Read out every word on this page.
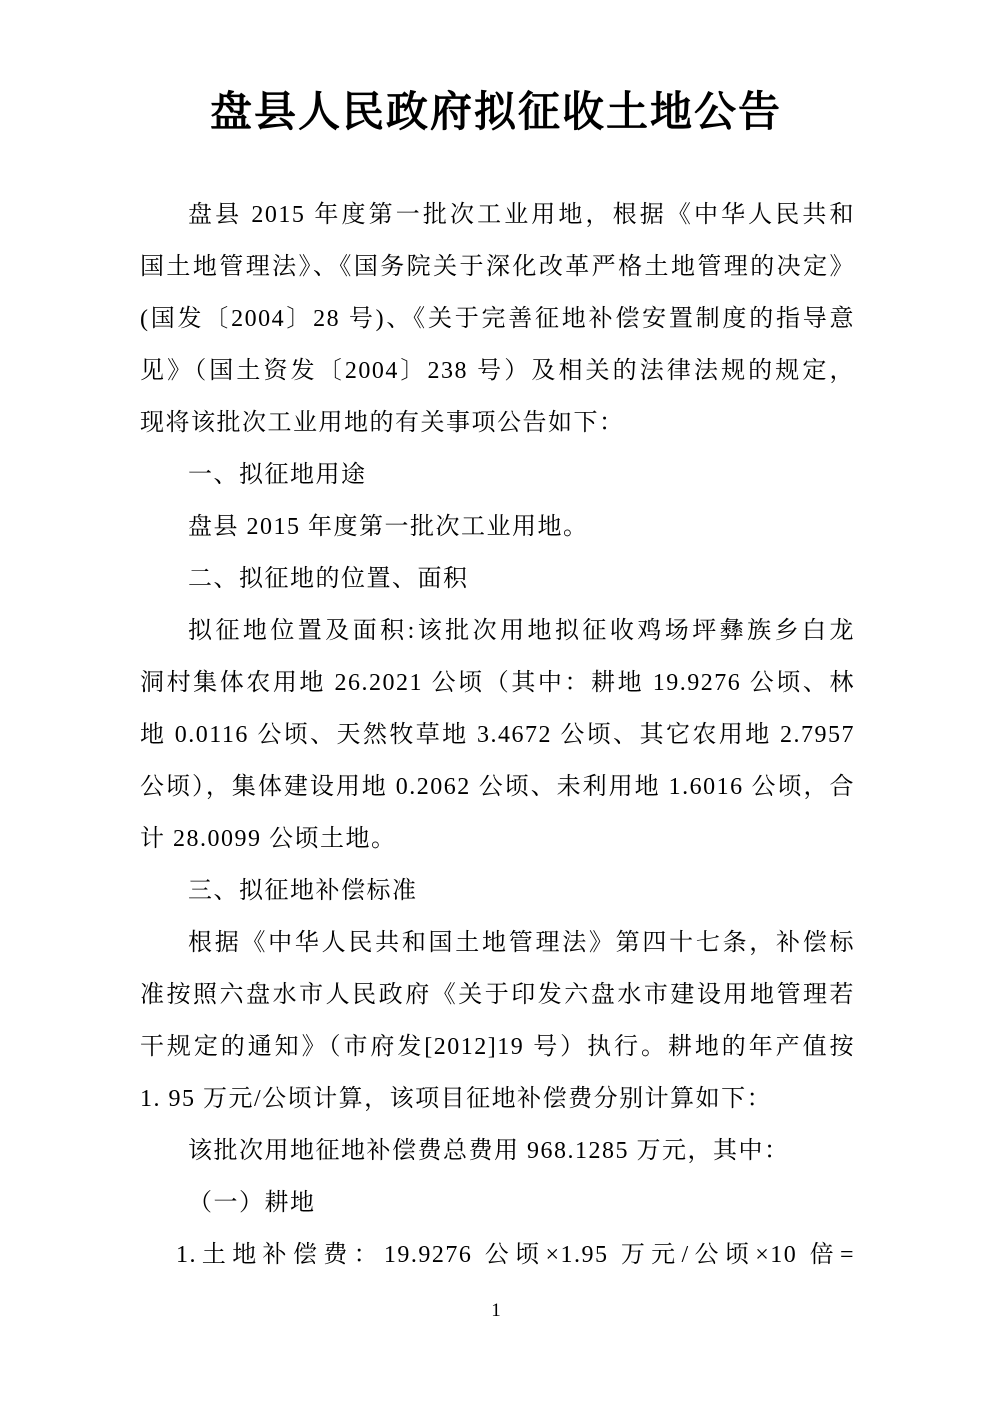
盘县人民政府拟征收土地公告
盘县 2015 年度第一批次工业用地，根据《中华人民共和
国土地管理法》、《国务院关于深化改革严格土地管理的决定》
(国发〔2004〕28 号)、《关于完善征地补偿安置制度的指导意
见》（国土资发〔2004〕238 号）及相关的法律法规的规定，
现将该批次工业用地的有关事项公告如下：
一、拟征地用途
盘县 2015 年度第一批次工业用地。
二、拟征地的位置、面积
拟征地位置及面积:该批次用地拟征收鸡场坪彝族乡白龙
洞村集体农用地 26.2021 公顷（其中：耕地 19.9276 公顷、林
地 0.0116 公顷、天然牧草地 3.4672 公顷、其它农用地 2.7957
公顷），集体建设用地 0.2062 公顷、未利用地 1.6016 公顷，合
计 28.0099 公顷土地。
三、拟征地补偿标准
根据《中华人民共和国土地管理法》第四十七条，补偿标
准按照六盘水市人民政府《关于印发六盘水市建设用地管理若
干规定的通知》（市府发[2012]19 号）执行。耕地的年产值按
1. 95 万元/公顷计算，该项目征地补偿费分别计算如下：
该批次用地征地补偿费总费用 968.1285 万元，其中：
（一）耕地
1.土地补偿费：19.9276 公顷×1.95 万元/公顷×10 倍=
1
